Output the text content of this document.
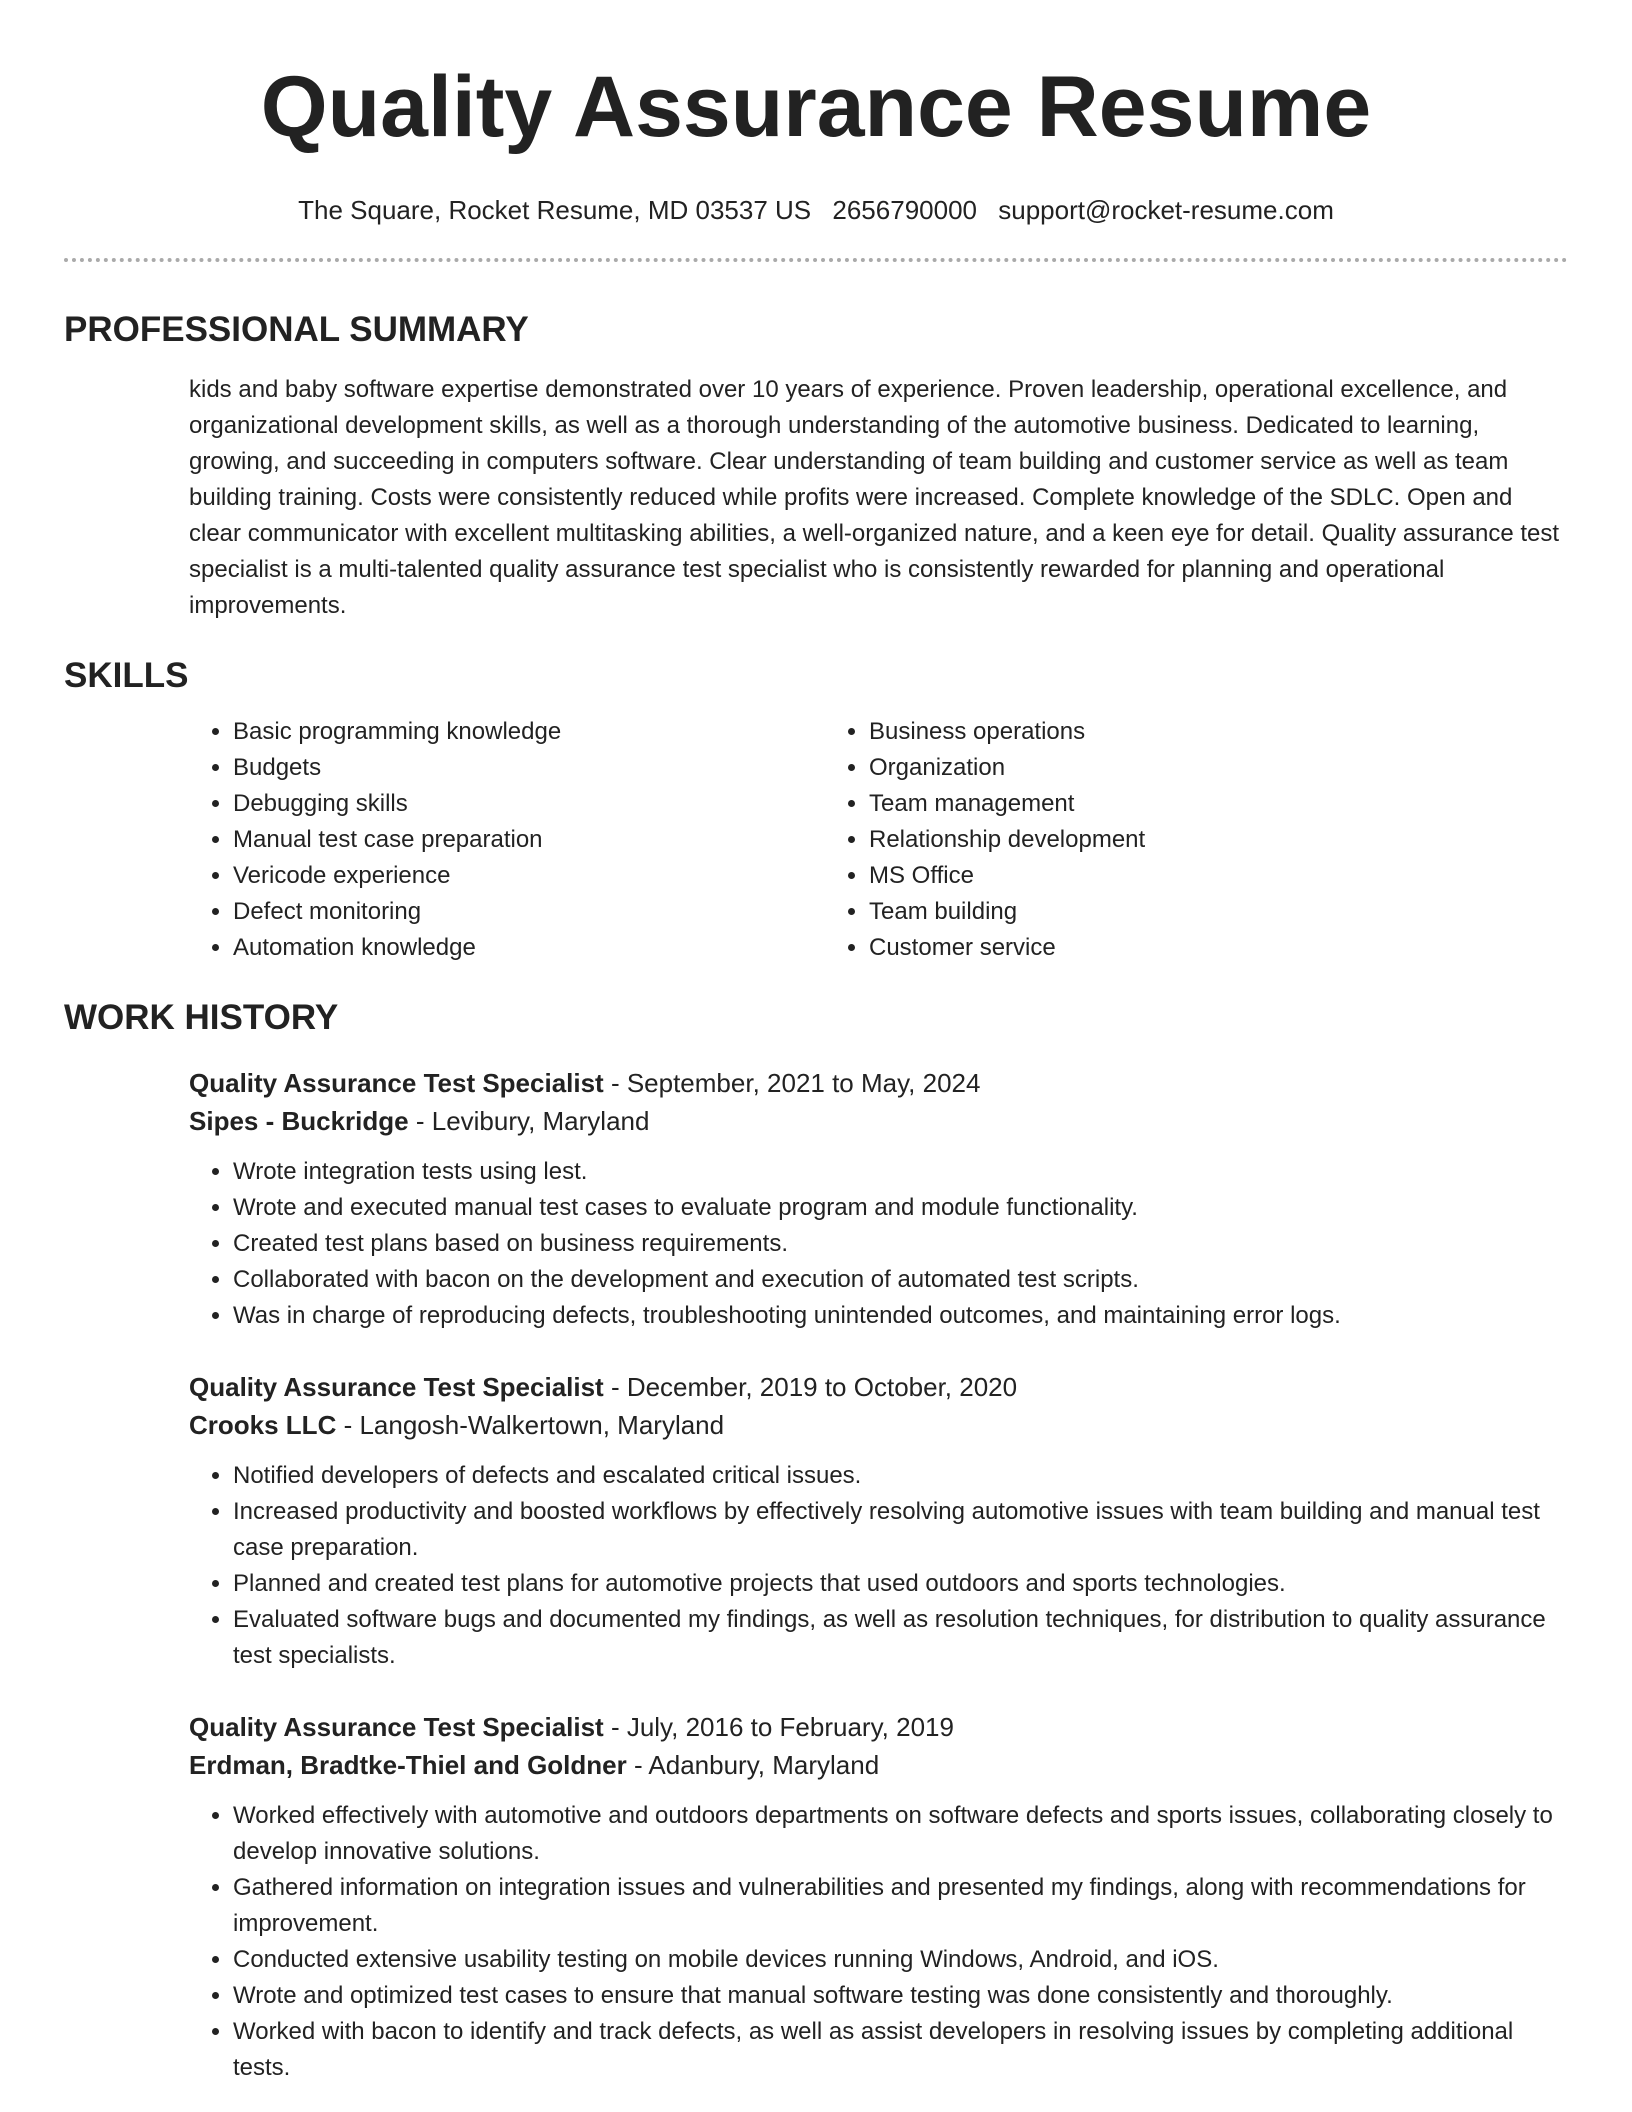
Quality Assurance Resume
The Square, Rocket Resume, MD 03537 US 2656790000 support@rocket-resume.com
PROFESSIONAL SUMMARY

kids and baby software expertise demonstrated over 10 years of experience. Proven leadership, operational excellence, and organizational development skills, as well as a thorough understanding of the automotive business. Dedicated to learning, growing, and succeeding in computers software. Clear understanding of team building and customer service as well as team building training. Costs were consistently reduced while profits were increased. Complete knowledge of the SDLC. Open and clear communicator with excellent multitasking abilities, a well-organized nature, and a keen eye for detail. Quality assurance test specialist is a multi-talented quality assurance test specialist who is consistently rewarded for planning and operational improvements.

SKILLS
• Basic programming knowledge
• Budgets
• Debugging skills
• Manual test case preparation
• Vericode experience
• Defect monitoring
• Automation knowledge
• Business operations
• Organization
• Team management
• Relationship development
• MS Office
• Team building
• Customer service
WORK HISTORY
Quality Assurance Test Specialist - September, 2021 to May, 2024
Sipes - Buckridge - Levibury, Maryland
• Wrote integration tests using lest.
• Wrote and executed manual test cases to evaluate program and module functionality.
• Created test plans based on business requirements.
• Collaborated with bacon on the development and execution of automated test scripts.
• Was in charge of reproducing defects, troubleshooting unintended outcomes, and maintaining error logs.
Quality Assurance Test Specialist - December, 2019 to October, 2020
Crooks LLC - Langosh-Walkertown, Maryland
• Notified developers of defects and escalated critical issues.
• Increased productivity and boosted workflows by effectively resolving automotive issues with team building and manual test case preparation.
• Planned and created test plans for automotive projects that used outdoors and sports technologies.
• Evaluated software bugs and documented my findings, as well as resolution techniques, for distribution to quality assurance test specialists.
Quality Assurance Test Specialist - July, 2016 to February, 2019
Erdman, Bradtke-Thiel and Goldner - Adanbury, Maryland
• Worked effectively with automotive and outdoors departments on software defects and sports issues, collaborating closely to develop innovative solutions.
• Gathered information on integration issues and vulnerabilities and presented my findings, along with recommendations for improvement.
• Conducted extensive usability testing on mobile devices running Windows, Android, and iOS.
• Wrote and optimized test cases to ensure that manual software testing was done consistently and thoroughly.
• Worked with bacon to identify and track defects, as well as assist developers in resolving issues by completing additional tests.
